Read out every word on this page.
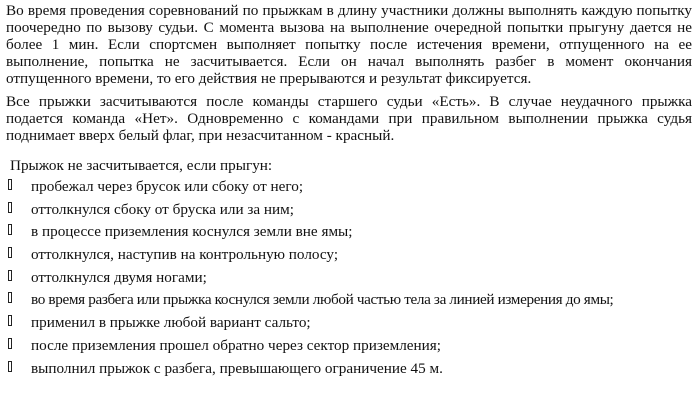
Во время проведения соревнований по прыжкам в длину участники должны выполнять каждую попытку поочередно по вызову судьи. С момента вызова на выполнение очередной попытки прыгуну дается не более 1 мин. Если спортсмен выполняет попытку после истечения времени, отпущенного на ее выполнение, попытка не засчитывается. Если он начал выполнять разбег в момент окончания отпущенного времени, то его действия не прерываются и результат фиксируется.

Все прыжки засчитываются после команды старшего судьи «Есть». В случае неудачного прыжка подается команда «Нет». Одновременно с командами при правильном выполнении прыжка судья поднимает вверх белый флаг, при незасчитанном - красный.

Прыжок не засчитывается, если прыгун:
пробежал через брусок или сбоку от него;
оттолкнулся сбоку от бруска или за ним;
в процессе приземления коснулся земли вне ямы;
оттолкнулся, наступив на контрольную полосу;
оттолкнулся двумя ногами;
во время разбега или прыжка коснулся земли любой частью тела за линией измерения до ямы;
применил в прыжке любой вариант сальто;
после приземления прошел обратно через сектор приземления;
выполнил прыжок с разбега, превышающего ограничение 45 м.
